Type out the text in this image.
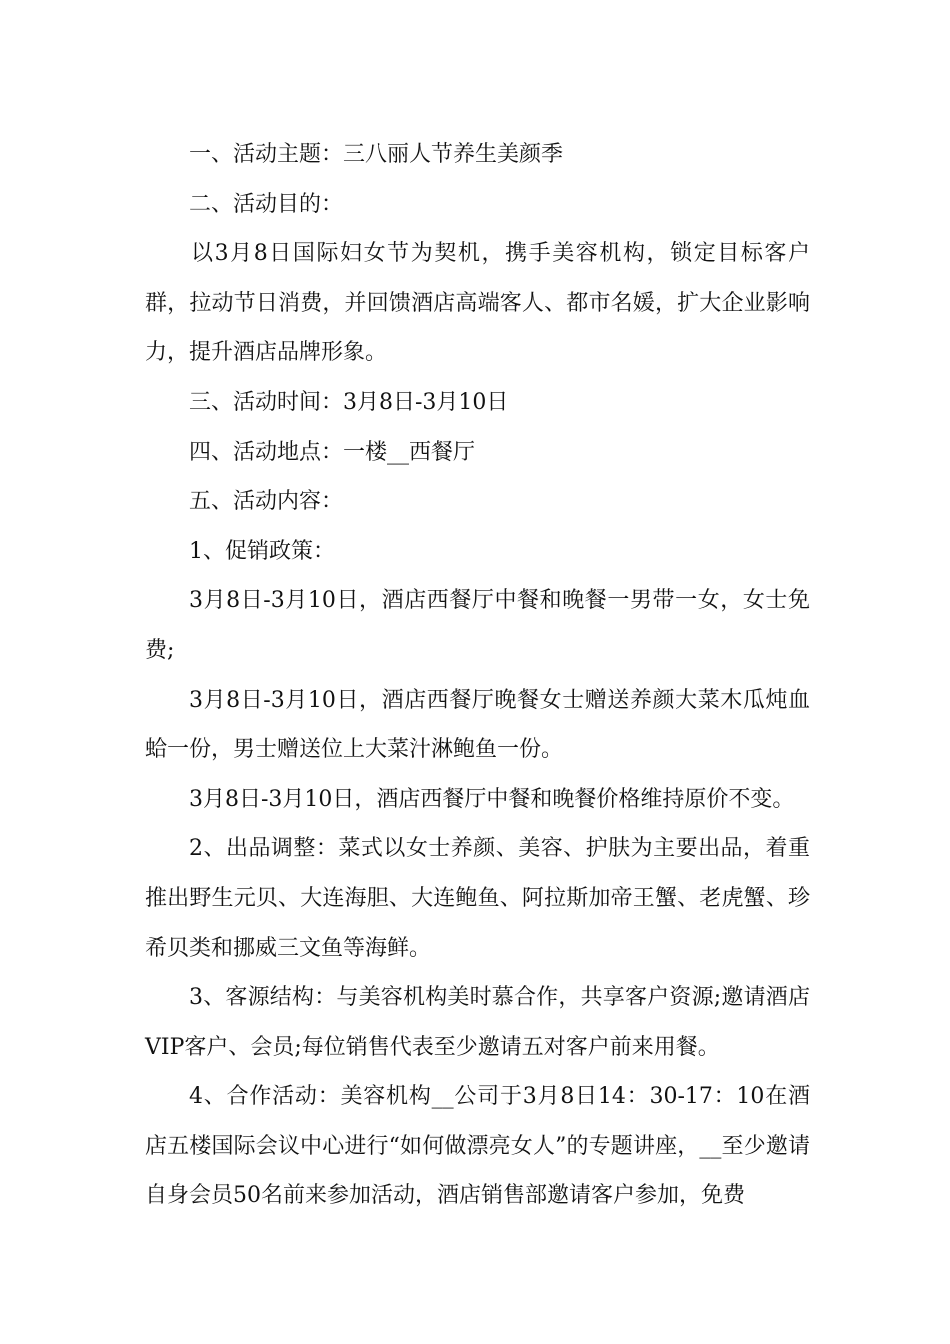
一、活动主题：三八丽人节养生美颜季

二、活动目的：

以3月8日国际妇女节为契机，携手美容机构，锁定目标客户群，拉动节日消费，并回馈酒店高端客人、都市名媛，扩大企业影响力，提升酒店品牌形象。

三、活动时间：3月8日-3月10日

四、活动地点：一楼__西餐厅

五、活动内容：

1、促销政策：

3月8日-3月10日，酒店西餐厅中餐和晚餐一男带一女，女士免费;

3月8日-3月10日，酒店西餐厅晚餐女士赠送养颜大菜木瓜炖血蛤一份，男士赠送位上大菜汁淋鲍鱼一份。

3月8日-3月10日，酒店西餐厅中餐和晚餐价格维持原价不变。

2、出品调整：菜式以女士养颜、美容、护肤为主要出品，着重推出野生元贝、大连海胆、大连鲍鱼、阿拉斯加帝王蟹、老虎蟹、珍希贝类和挪威三文鱼等海鲜。

3、客源结构：与美容机构美时慕合作，共享客户资源;邀请酒店VIP客户、会员;每位销售代表至少邀请五对客户前来用餐。

4、合作活动：美容机构__公司于3月8日14：30-17：10在酒店五楼国际会议中心进行“如何做漂亮女人”的专题讲座，__至少邀请自身会员50名前来参加活动，酒店销售部邀请客户参加，免费
